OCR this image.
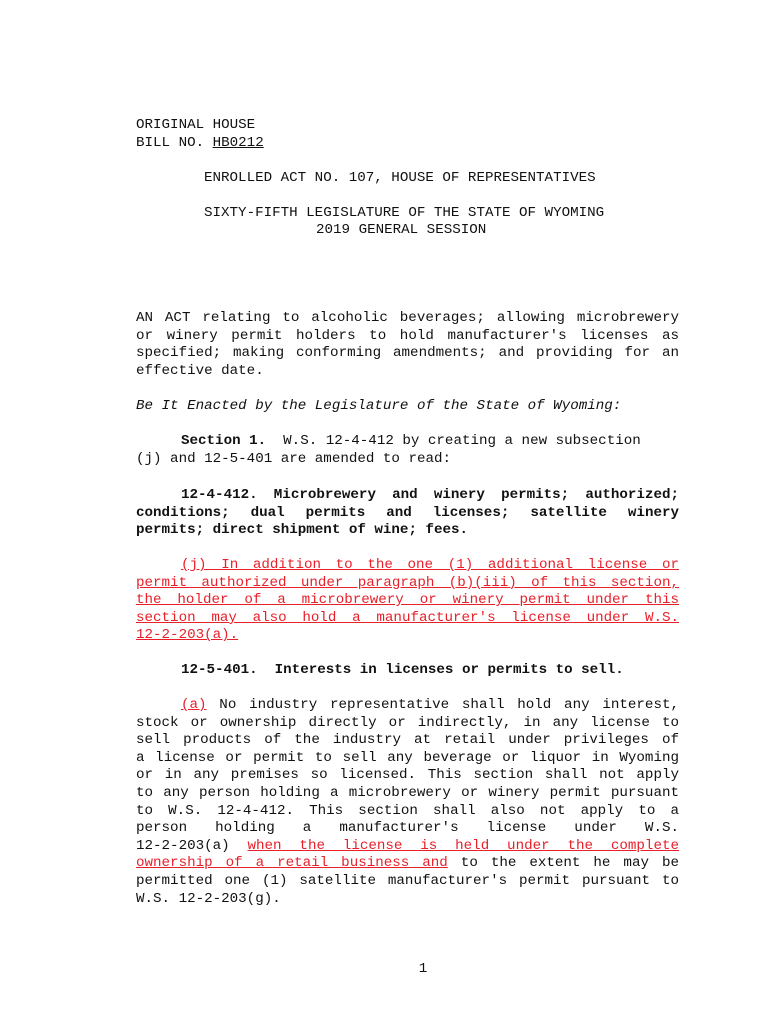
ORIGINAL HOUSE
BILL NO. HB0212
ENROLLED ACT NO. 107, HOUSE OF REPRESENTATIVES
SIXTY-FIFTH LEGISLATURE OF THE STATE OF WYOMING
2019 GENERAL SESSION
AN ACT relating to alcoholic beverages; allowing microbrewery
or winery permit holders to hold manufacturer's licenses as
specified; making conforming amendments; and providing for an
effective date.
Be It Enacted by the Legislature of the State of Wyoming:
Section 1.  W.S. 12-4-412 by creating a new subsection
(j) and 12-5-401 are amended to read:
12-4-412. Microbrewery and winery permits; authorized;
conditions; dual permits and licenses; satellite winery
permits; direct shipment of wine; fees.
(j) In addition to the one (1) additional license or
permit authorized under paragraph (b)(iii) of this section,
the holder of a microbrewery or winery permit under this
section may also hold a manufacturer's license under W.S.
12-2-203(a).
12-5-401.  Interests in licenses or permits to sell.
(a) No industry representative shall hold any interest,
stock or ownership directly or indirectly, in any license to
sell products of the industry at retail under privileges of
a license or permit to sell any beverage or liquor in Wyoming
or in any premises so licensed. This section shall not apply
to any person holding a microbrewery or winery permit pursuant
to W.S. 12-4-412. This section shall also not apply to a
person holding a manufacturer's license under W.S.
12-2-203(a) when the license is held under the complete
ownership of a retail business and to the extent he may be
permitted one (1) satellite manufacturer's permit pursuant to
W.S. 12-2-203(g).
1
